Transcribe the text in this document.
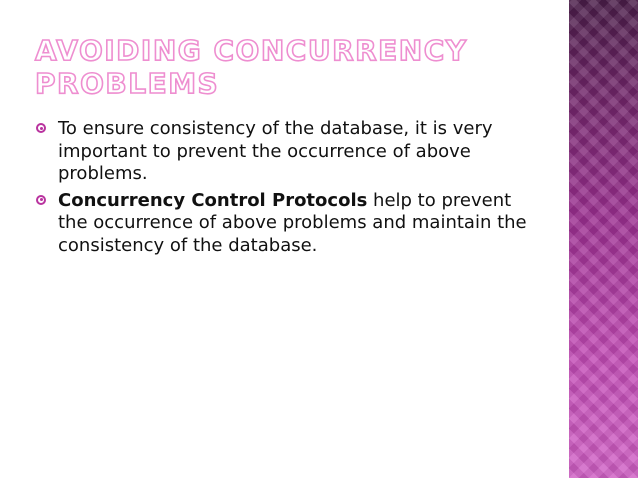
AVOIDING CONCURRENCY PROBLEMS
To ensure consistency of the database, it is very important to prevent the occurrence of above problems.
Concurrency Control Protocols help to prevent the occurrence of above problems and maintain the consistency of the database.
